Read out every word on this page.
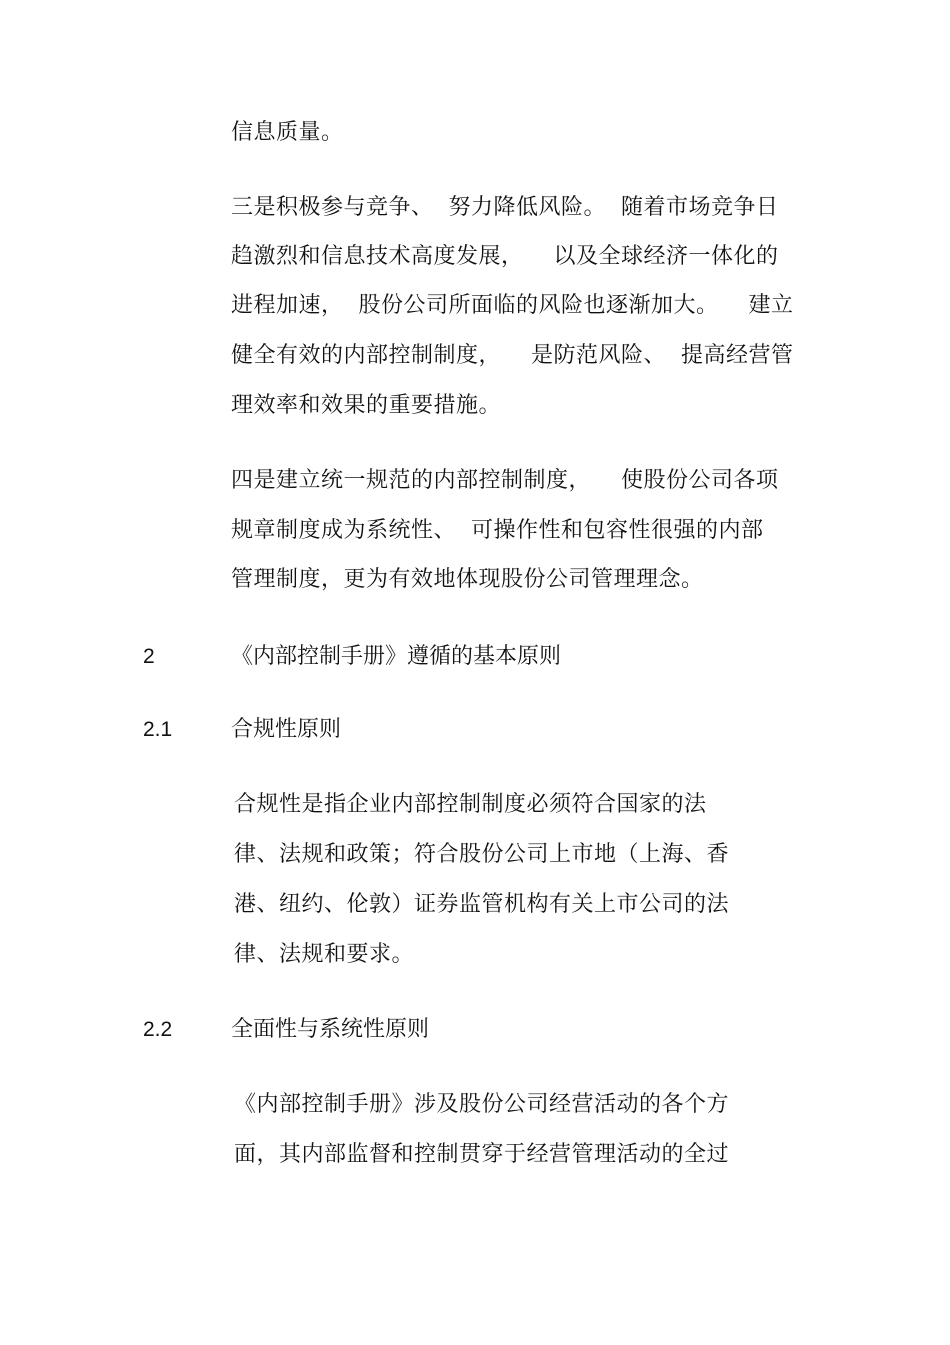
信息质量。
三是积极参与竞争、  努力降低风险。  随着市场竞争日
趋激烈和信息技术高度发展，    以及全球经济一体化的
进程加速，  股份公司所面临的风险也逐渐加大。    建立
健全有效的内部控制制度，    是防范风险、  提高经营管
理效率和效果的重要措施。
四是建立统一规范的内部控制制度，    使股份公司各项
规章制度成为系统性、  可操作性和包容性很强的内部
管理制度，更为有效地体现股份公司管理理念。
2	《内部控制手册》遵循的基本原则
2.1	合规性原则
合规性是指企业内部控制制度必须符合国家的法
律、法规和政策；符合股份公司上市地（上海、香
港、纽约、伦敦）证券监管机构有关上市公司的法
律、法规和要求。
2.2	全面性与系统性原则
《内部控制手册》涉及股份公司经营活动的各个方
面，其内部监督和控制贯穿于经营管理活动的全过
